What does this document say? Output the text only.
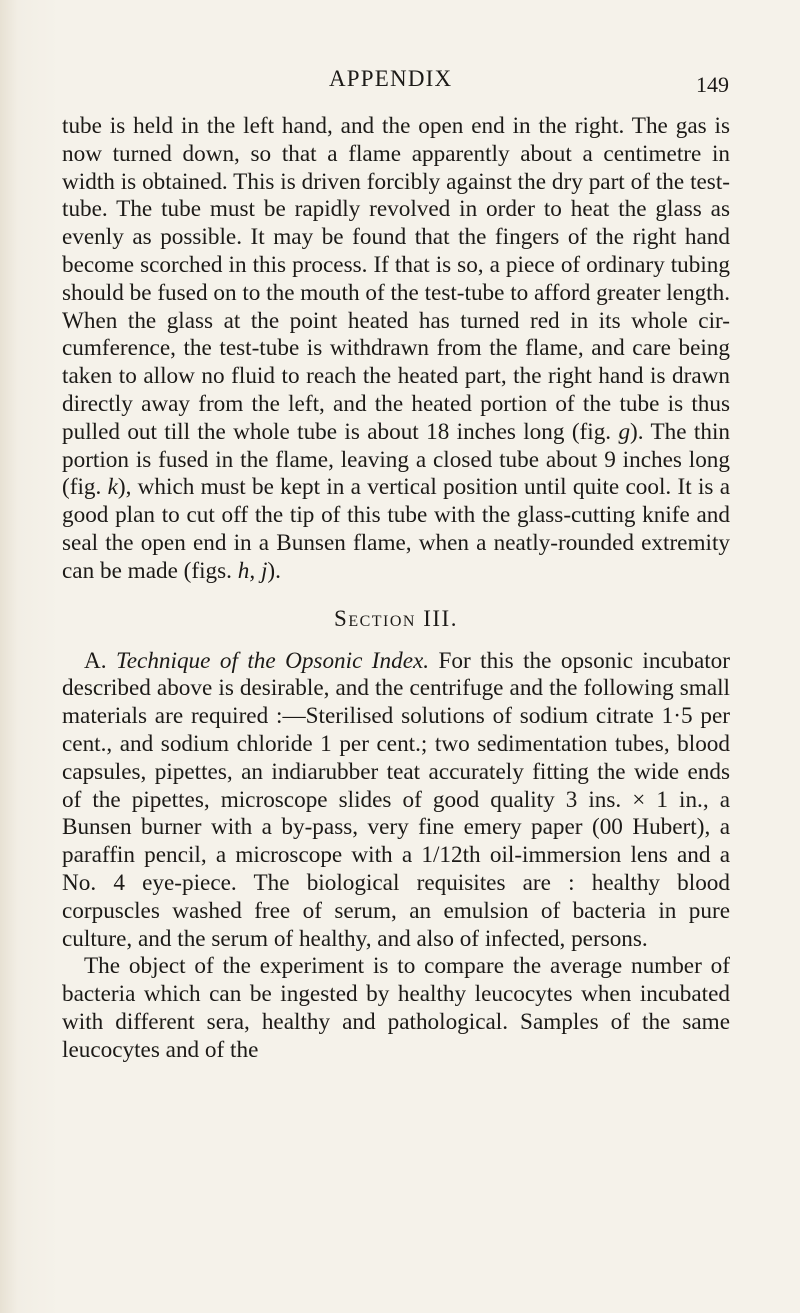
APPENDIX	149

tube is held in the left hand, and the open end in the right. The gas is now turned down, so that a flame apparently about a centimetre in width is obtained. This is driven forcibly against the dry part of the test-tube. The tube must be rapidly revolved in order to heat the glass as evenly as possible. It may be found that the fingers of the right hand become scorched in this process. If that is so, a piece of ordinary tubing should be fused on to the mouth of the test-tube to afford greater length. When the glass at the point heated has turned red in its whole cir-cumference, the test-tube is withdrawn from the flame, and care being taken to allow no fluid to reach the heated part, the right hand is drawn directly away from the left, and the heated portion of the tube is thus pulled out till the whole tube is about 18 inches long (fig. g). The thin portion is fused in the flame, leaving a closed tube about 9 inches long (fig. k), which must be kept in a vertical position until quite cool. It is a good plan to cut off the tip of this tube with the glass-cutting knife and seal the open end in a Bunsen flame, when a neatly-rounded extremity can be made (figs. h, j).

Section III.

A. Technique of the Opsonic Index. For this the opsonic incubator described above is desirable, and the centrifuge and the following small materials are required :—Sterilised solutions of sodium citrate 1·5 per cent., and sodium chloride 1 per cent.; two sedimentation tubes, blood capsules, pipettes, an indiarubber teat accurately fitting the wide ends of the pipettes, microscope slides of good quality 3 ins. × 1 in., a Bunsen burner with a by-pass, very fine emery paper (00 Hubert), a paraffin pencil, a microscope with a 1/12th oil-immersion lens and a No. 4 eye-piece. The biological requisites are : healthy blood corpuscles washed free of serum, an emulsion of bacteria in pure culture, and the serum of healthy, and also of infected, persons.

The object of the experiment is to compare the average number of bacteria which can be ingested by healthy leucocytes when incubated with different sera, healthy and pathological. Samples of the same leucocytes and of the
